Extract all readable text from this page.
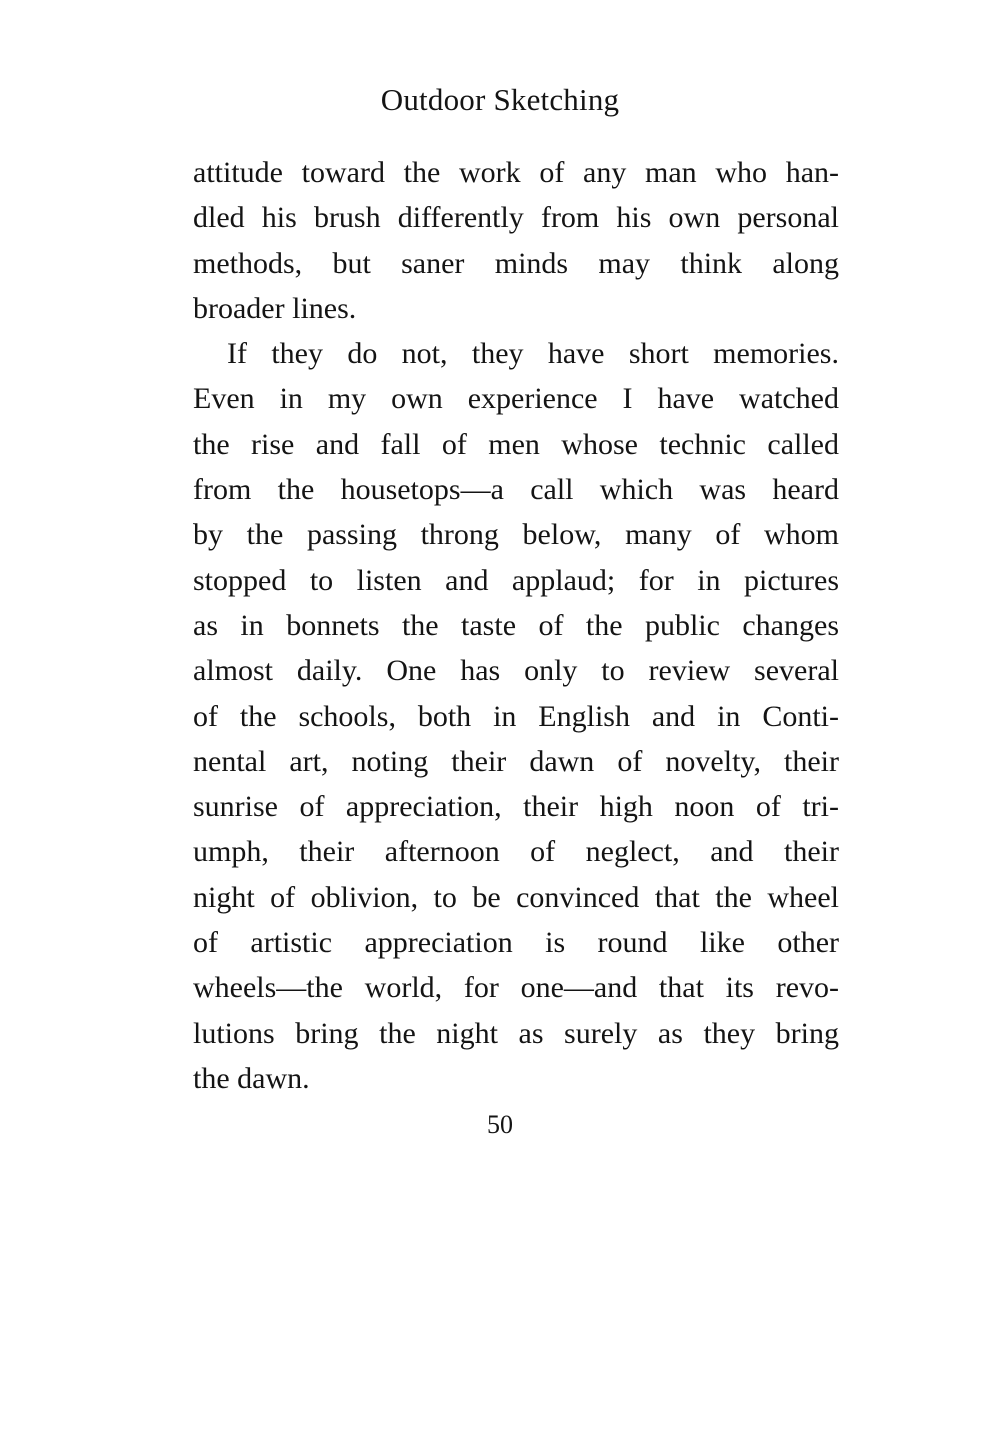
Outdoor Sketching
attitude toward the work of any man who han-
dled his brush differently from his own personal
methods, but saner minds may think along
broader lines.
If they do not, they have short memories.
Even in my own experience I have watched
the rise and fall of men whose technic called
from the housetops—a call which was heard
by the passing throng below, many of whom
stopped to listen and applaud; for in pictures
as in bonnets the taste of the public changes
almost daily. One has only to review several
of the schools, both in English and in Conti-
nental art, noting their dawn of novelty, their
sunrise of appreciation, their high noon of tri-
umph, their afternoon of neglect, and their
night of oblivion, to be convinced that the wheel
of artistic appreciation is round like other
wheels—the world, for one—and that its revo-
lutions bring the night as surely as they bring
the dawn.
50
